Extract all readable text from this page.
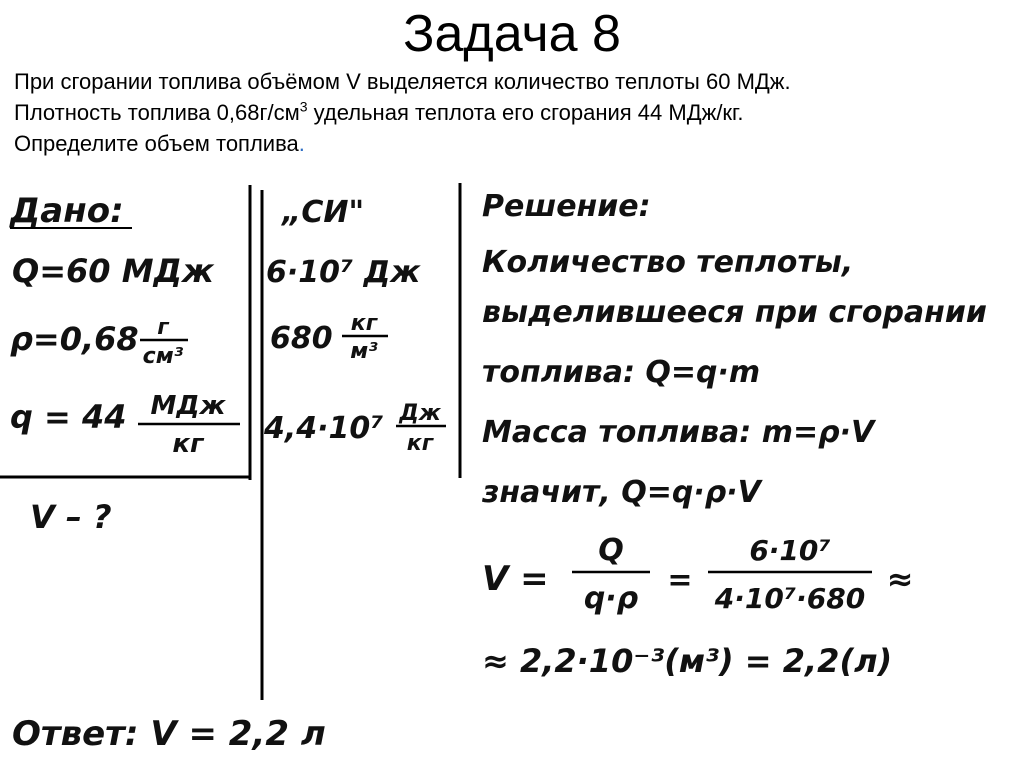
Задача 8

При сгорании топлива объёмом V выделяется количество теплоты 60 МДж.

Плотность топлива $0,68г/см^3$ удельная теплота его сгорания 44 МДж/кг.

Определите объем топлива.

Дано:
Q=60 МДж
ρ=0,68 г
см³
q = 44 МДж
кг
V – ?
„СИ"
6·10⁷ Дж
680 кг
м³
4,4·10⁷ Дж
кг
Решение:
Количество теплоты,
выделившееся при сгорании
топлива: Q=q·m
Масса топлива: m=ρ·V
значит, Q=q·ρ·V
V =
Q
q·ρ
=
6·10⁷
4·10⁷·680
≈
≈ 2,2·10⁻³(м³) = 2,2(л)
Ответ: V = 2,2 л
